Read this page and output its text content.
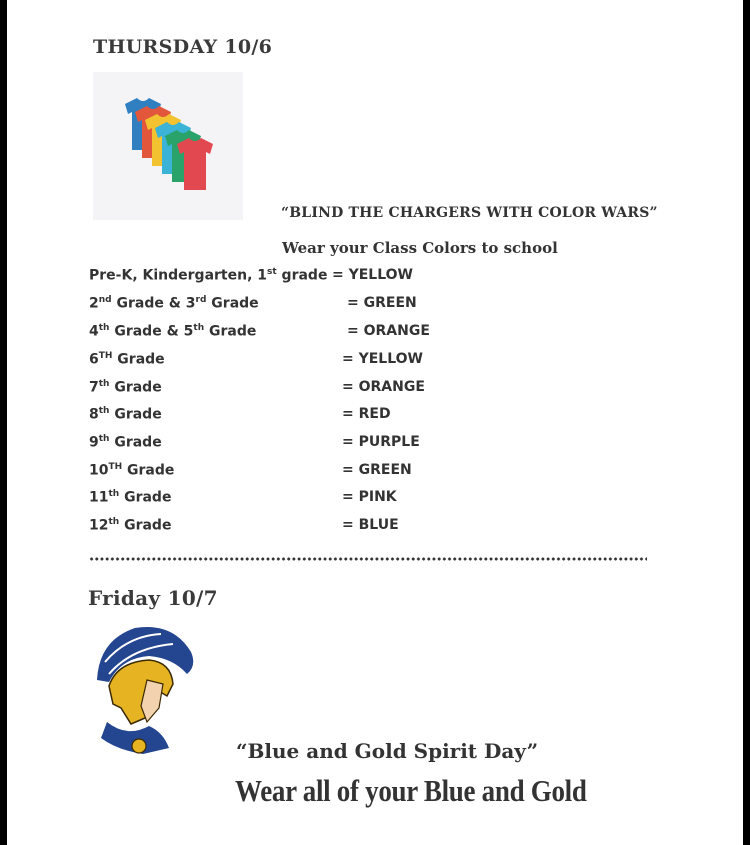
THURSDAY 10/6
“BLIND THE CHARGERS WITH COLOR WARS”
Wear your Class Colors to school
Pre-K, Kindergarten, 1st grade = YELLOW
2nd Grade & 3rd Grade	= GREEN
4th Grade & 5th Grade	= ORANGE
6TH Grade	= YELLOW
7th Grade	= ORANGE
8th Grade	= RED
9th Grade	= PURPLE
10TH Grade	= GREEN
11th Grade	= PINK
12th Grade	= BLUE
Friday 10/7
“Blue and Gold Spirit Day”
Wear all of your Blue and Gold
